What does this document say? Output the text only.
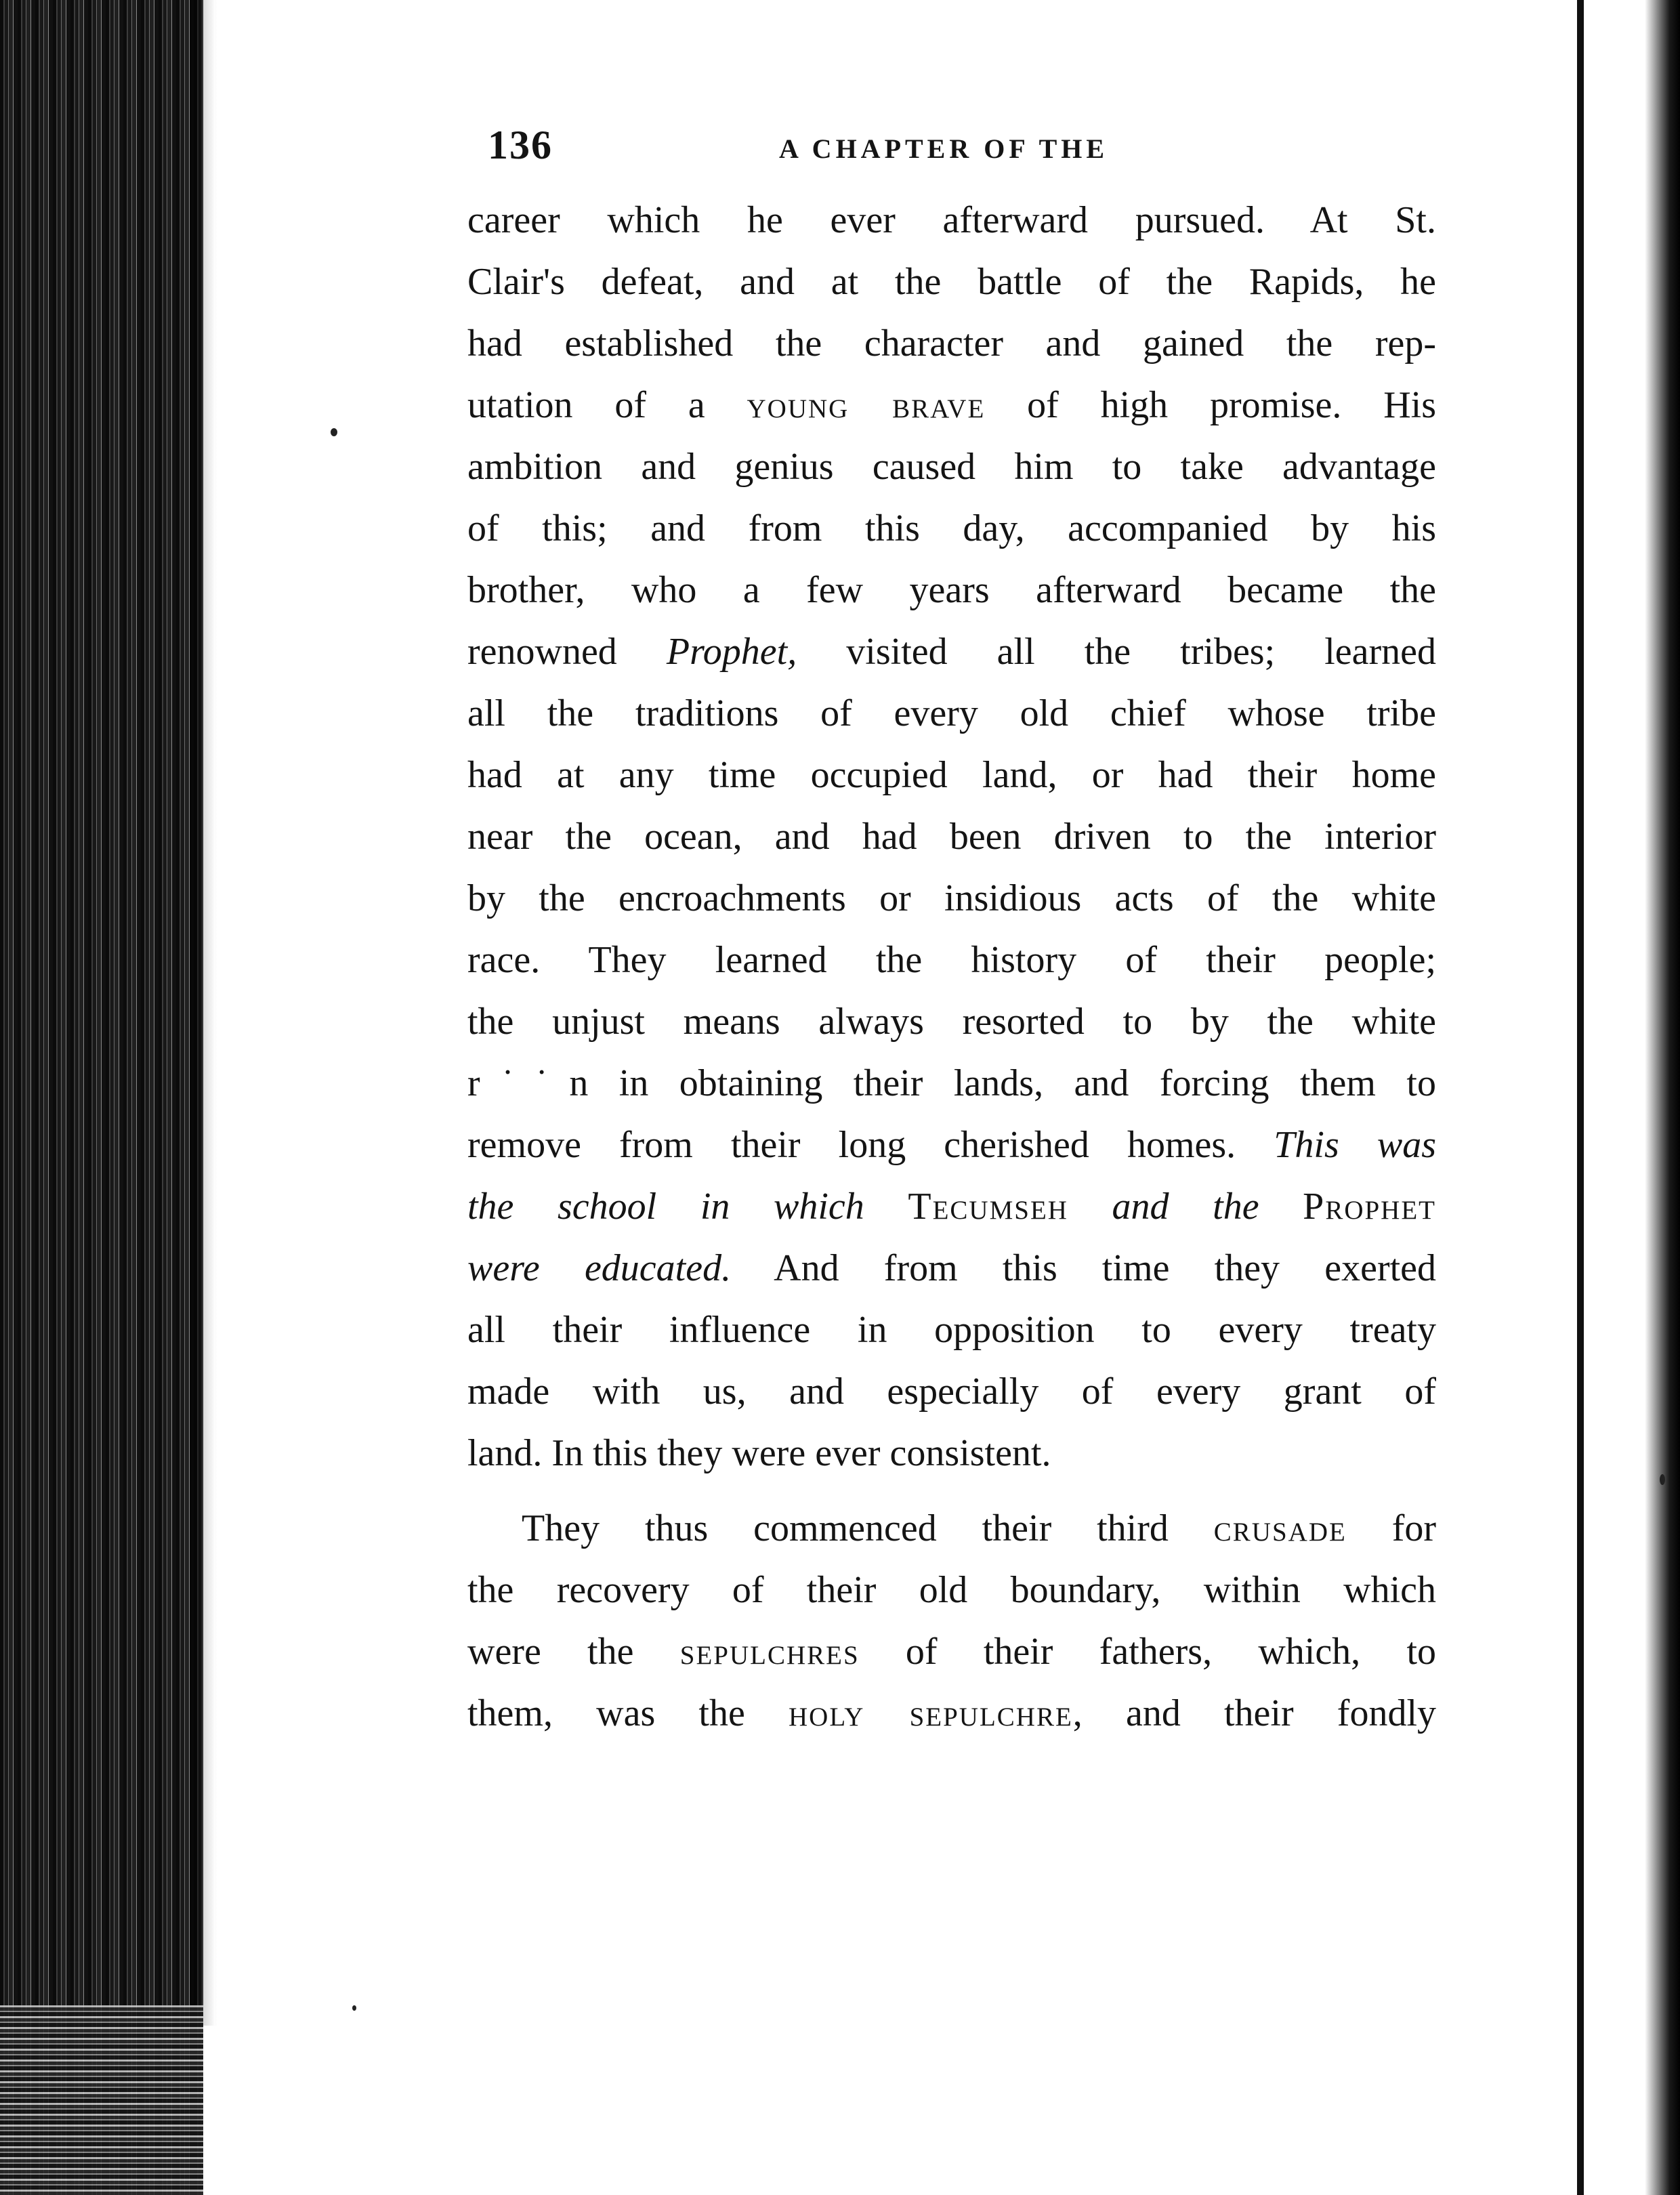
136	A CHAPTER OF THE
career which he ever afterward pursued. At St.
Clair's defeat, and at the battle of the Rapids, he
had established the character and gained the rep-
utation of a young brave of high promise. His
ambition and genius caused him to take advantage
of this; and from this day, accompanied by his
brother, who a few years afterward became the
renowned Prophet, visited all the tribes; learned
all the traditions of every old chief whose tribe
had at any time occupied land, or had their home
near the ocean, and had been driven to the interior
by the encroachments or insidious acts of the white
race. They learned the history of their people;
the unjust means always resorted to by the white
r˙˙n in obtaining their lands, and forcing them to
remove from their long cherished homes. This was
the school in which Tecumseh and the Prophet
were educated. And from this time they exerted
all their influence in opposition to every treaty
made with us, and especially of every grant of
land. In this they were ever consistent.
They thus commenced their third crusade for
the recovery of their old boundary, within which
were the sepulchres of their fathers, which, to
them, was the holy sepulchre, and their fondly
